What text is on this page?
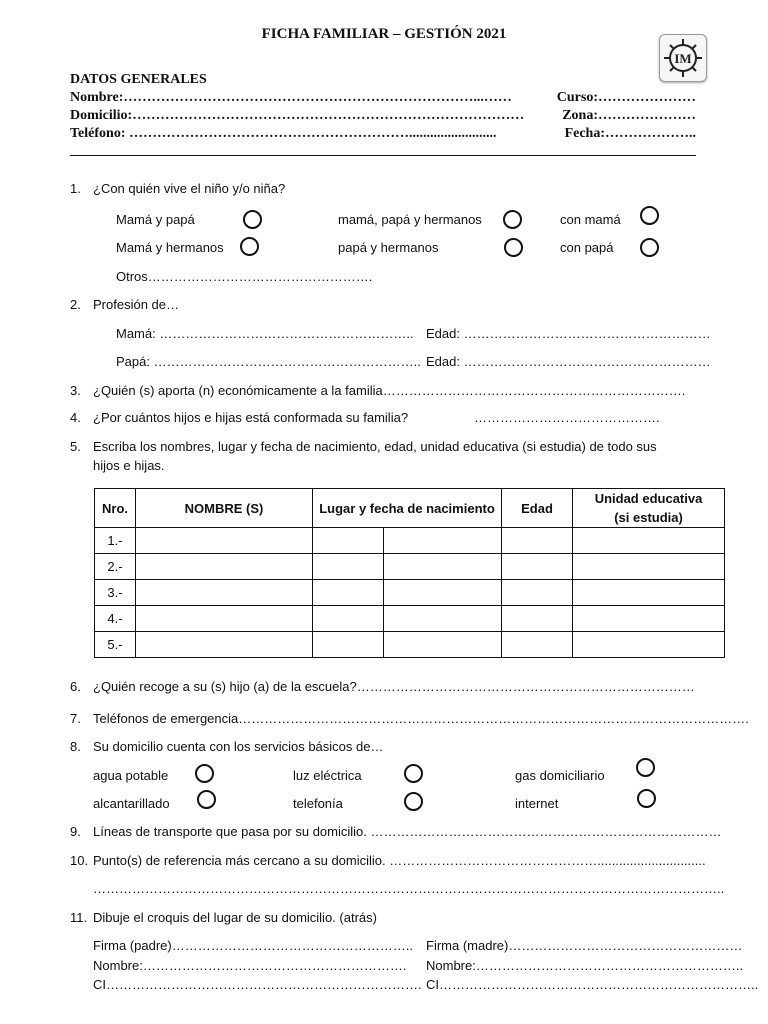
FICHA FAMILIAR – GESTIÓN 2021
IM
DATOS GENERALES
Nombre:…………………………………………………………………...……	Curso:…………………
Domicilio:…………………………………………………………………………	Zona:…………………
Teléfono: …………………………………………………….........................	Fecha:………………..
1. ¿Con quién vive el niño y/o niña?
Mamá y papá	mamá, papá y hermanos	con mamá
Mamá y hermanos	papá y hermanos	con papá
Otros…………………………………………….
2. Profesión de…
Mamá: ………………………………………………….. Edad: …………………………………………………
Papá: …………………………………………………….. Edad: …………………………………………………
3. ¿Quién (s) aporta (n) económicamente a la familia…………………………………………………………….
4. ¿Por cuántos hijos e hijas está conformada su familia?	…………………………………….
5. Escriba los nombres, lugar y fecha de nacimiento, edad, unidad educativa (si estudia) de todo sus
hijos e hijas.
Nro.	NOMBRE (S)	Lugar y fecha de nacimiento		Edad	Unidad educativa (si estudia)
1.-					
2.-					
3.-					
4.-					
5.-					
6. ¿Quién recoge a su (s) hijo (a) de la escuela?……………………………………………………………………
7. Teléfonos de emergencia……………………………………………………………………………………………………….
8. Su domicilio cuenta con los servicios básicos de…
agua potable	luz eléctrica	gas domiciliario
alcantarillado	telefonía	internet
9. Líneas de transporte que pasa por su domicilio. ………………………………………………………………………
10. Punto(s) de referencia más cercano a su domicilio. …………………………………………..............................
………………………………………………………………………………………………………………………………..
11. Dibuje el croquis del lugar de su domicilio. (atrás)
Firma (padre)……………………………………………….. Firma (madre)………………………………………………
Nombre:……………………………………………………. Nombre:……………………………………………………..
CI………………………………………………………………. CI………………………………………………………………..
